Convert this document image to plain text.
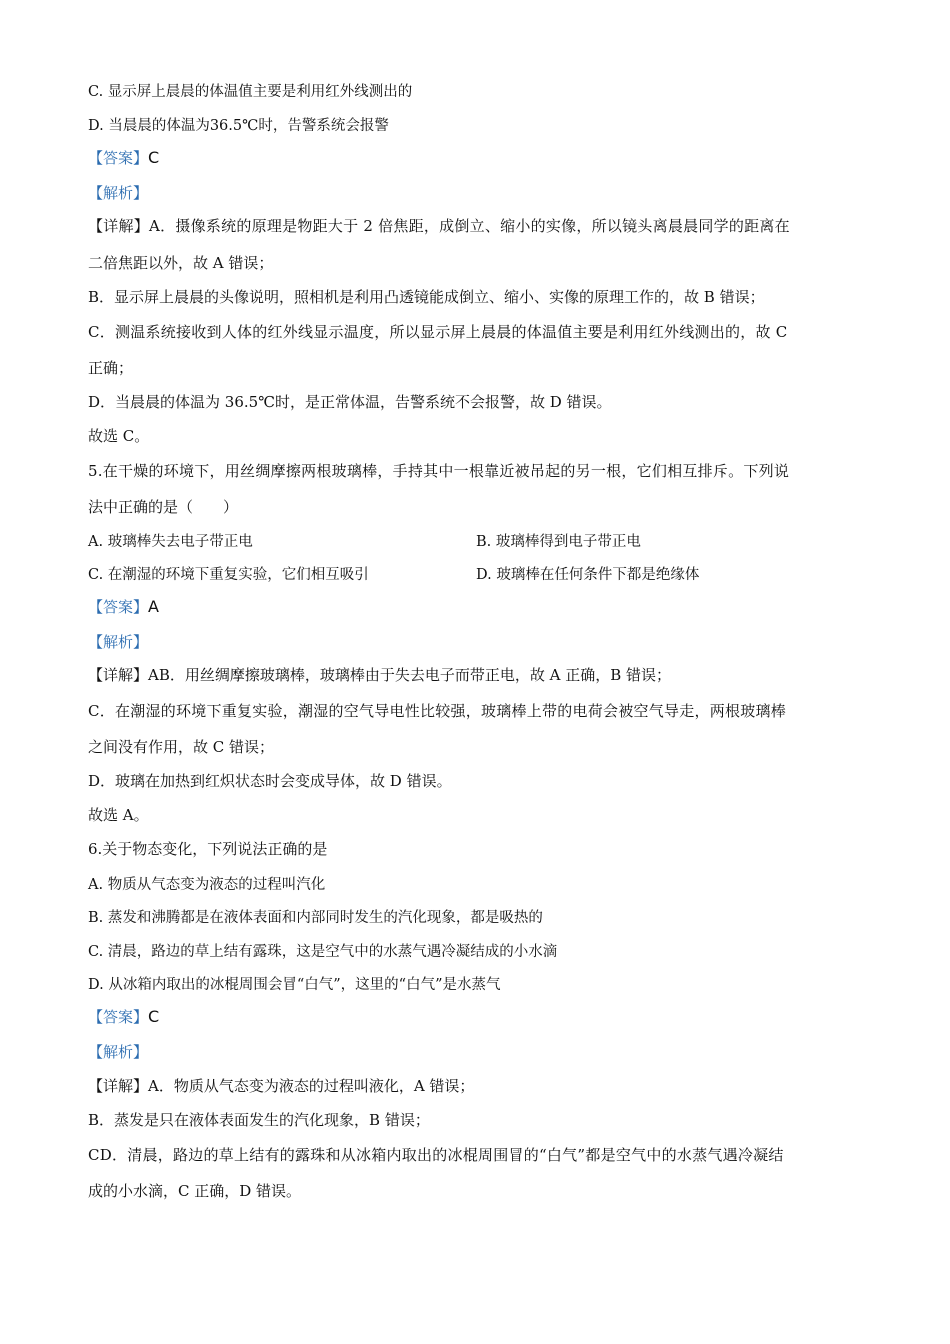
C. 显示屏上晨晨的体温值主要是利用红外线测出的
D. 当晨晨的体温为36.5℃时，告警系统会报警
【答案】C
【解析】
【详解】A．摄像系统的原理是物距大于 2 倍焦距，成倒立、缩小的实像，所以镜头离晨晨同学的距离在
二倍焦距以外，故 A 错误；
B．显示屏上晨晨的头像说明，照相机是利用凸透镜能成倒立、缩小、实像的原理工作的，故 B 错误；
C．测温系统接收到人体的红外线显示温度，所以显示屏上晨晨的体温值主要是利用红外线测出的，故 C
正确；
D．当晨晨的体温为 36.5℃时，是正常体温，告警系统不会报警，故 D 错误。
故选 C。
5.在干燥的环境下，用丝绸摩擦两根玻璃棒，手持其中一根靠近被吊起的另一根，它们相互排斥。下列说
法中正确的是（　　）
A. 玻璃棒失去电子带正电	B. 玻璃棒得到电子带正电
C. 在潮湿的环境下重复实验，它们相互吸引	D. 玻璃棒在任何条件下都是绝缘体
【答案】A
【解析】
【详解】AB．用丝绸摩擦玻璃棒，玻璃棒由于失去电子而带正电，故 A 正确，B 错误；
C．在潮湿的环境下重复实验，潮湿的空气导电性比较强，玻璃棒上带的电荷会被空气导走，两根玻璃棒
之间没有作用，故 C 错误；
D．玻璃在加热到红炽状态时会变成导体，故 D 错误。
故选 A。
6.关于物态变化，下列说法正确的是
A. 物质从气态变为液态的过程叫汽化
B. 蒸发和沸腾都是在液体表面和内部同时发生的汽化现象，都是吸热的
C. 清晨，路边的草上结有露珠，这是空气中的水蒸气遇冷凝结成的小水滴
D. 从冰箱内取出的冰棍周围会冒“白气”，这里的“白气”是水蒸气
【答案】C
【解析】
【详解】A．物质从气态变为液态的过程叫液化，A 错误；
B．蒸发是只在液体表面发生的汽化现象，B 错误；
CD．清晨，路边的草上结有的露珠和从冰箱内取出的冰棍周围冒的“白气”都是空气中的水蒸气遇冷凝结
成的小水滴，C 正确，D 错误。
